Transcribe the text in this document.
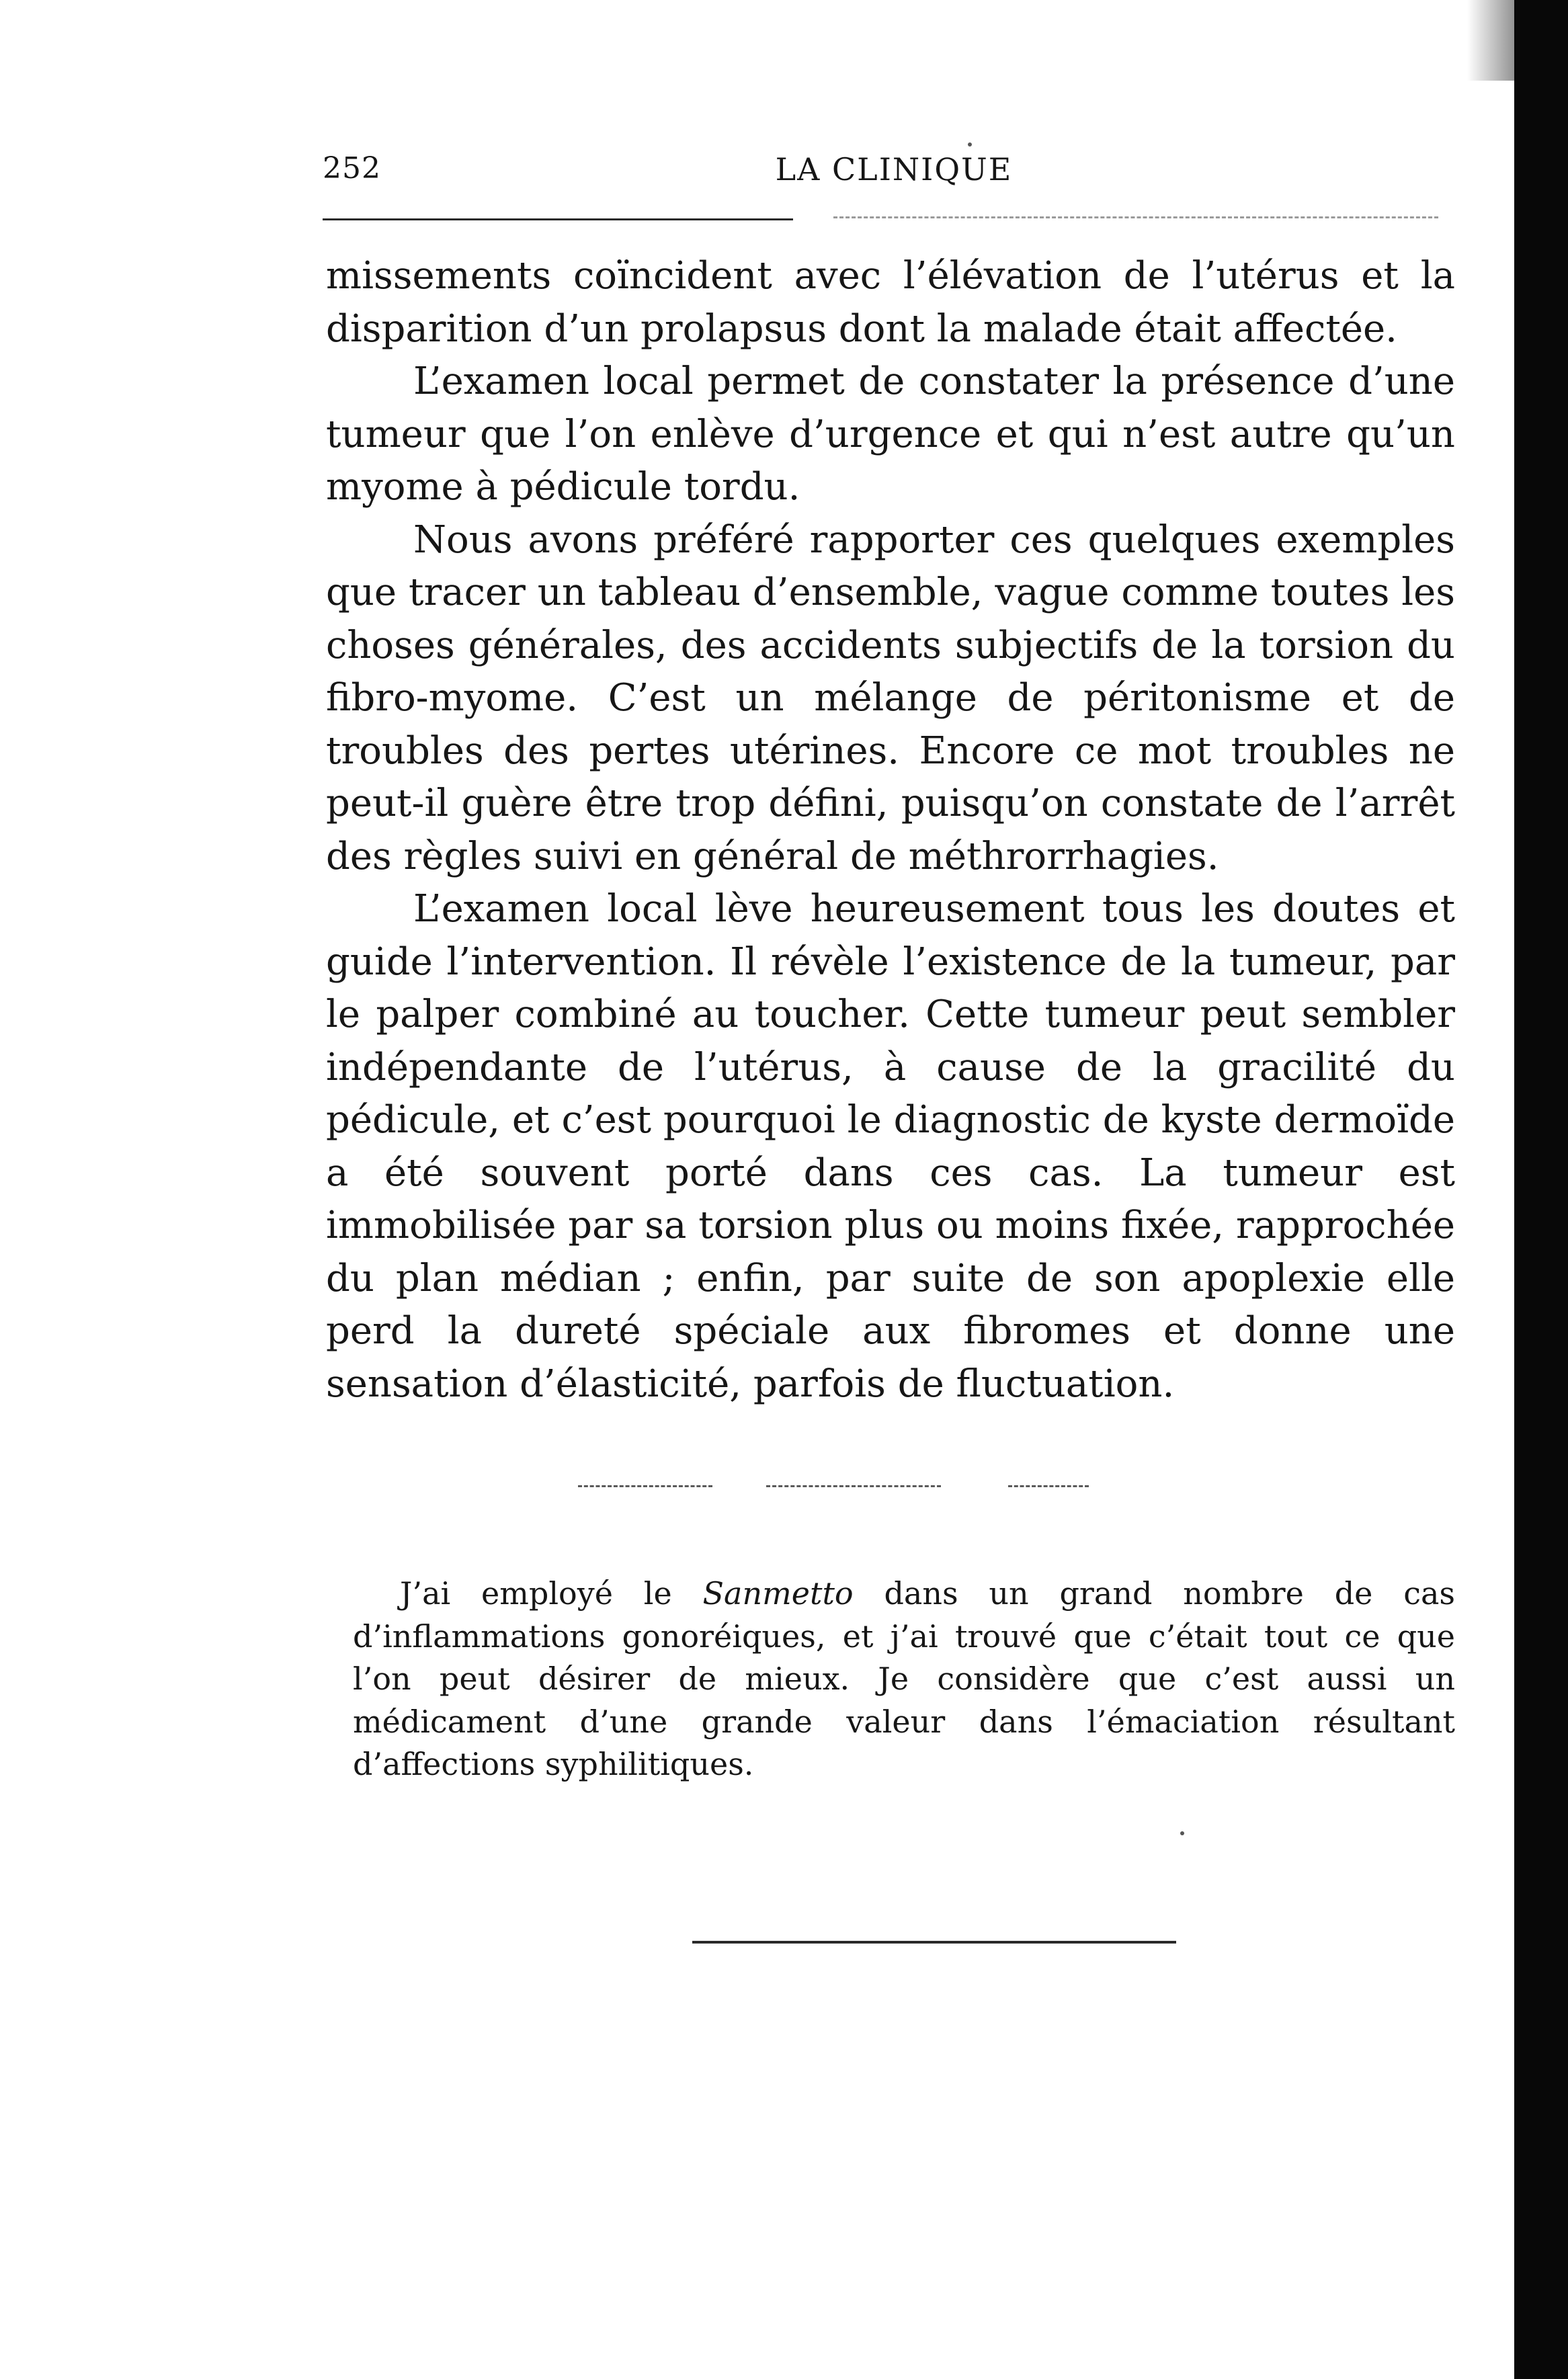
252	LA CLINIQUE

missements coïncident avec l’élévation de l’utérus et la disparition d’un prolapsus dont la malade était affectée.

L’examen local permet de constater la présence d’une tumeur que l’on enlève d’urgence et qui n’est autre qu’un myome à pédicule tordu.

Nous avons préféré rapporter ces quelques exemples que tracer un tableau d’ensemble, vague comme toutes les choses générales, des accidents subjectifs de la torsion du fibro-myome. C’est un mélange de péritonisme et de troubles des pertes utérines. Encore ce mot troubles ne peut-il guère être trop défini, puisqu’on constate de l’arrêt des règles suivi en général de méthrorrhagies.

L’examen local lève heureusement tous les doutes et guide l’intervention. Il révèle l’existence de la tumeur, par le palper combiné au toucher. Cette tumeur peut sembler indépendante de l’utérus, à cause de la gracilité du pédicule, et c’est pourquoi le diagnostic de kyste dermoïde a été souvent porté dans ces cas. La tumeur est immobilisée par sa torsion plus ou moins fixée, rapprochée du plan médian ; enfin, par suite de son apoplexie elle perd la dureté spéciale aux fibromes et donne une sensation d’élasticité, parfois de fluctuation.

J’ai employé le Sanmetto dans un grand nombre de cas d’inflammations gonoréiques, et j’ai trouvé que c’était tout ce que l’on peut désirer de mieux. Je considère que c’est aussi un médicament d’une grande valeur dans l’émaciation résultant d’affections syphilitiques.
